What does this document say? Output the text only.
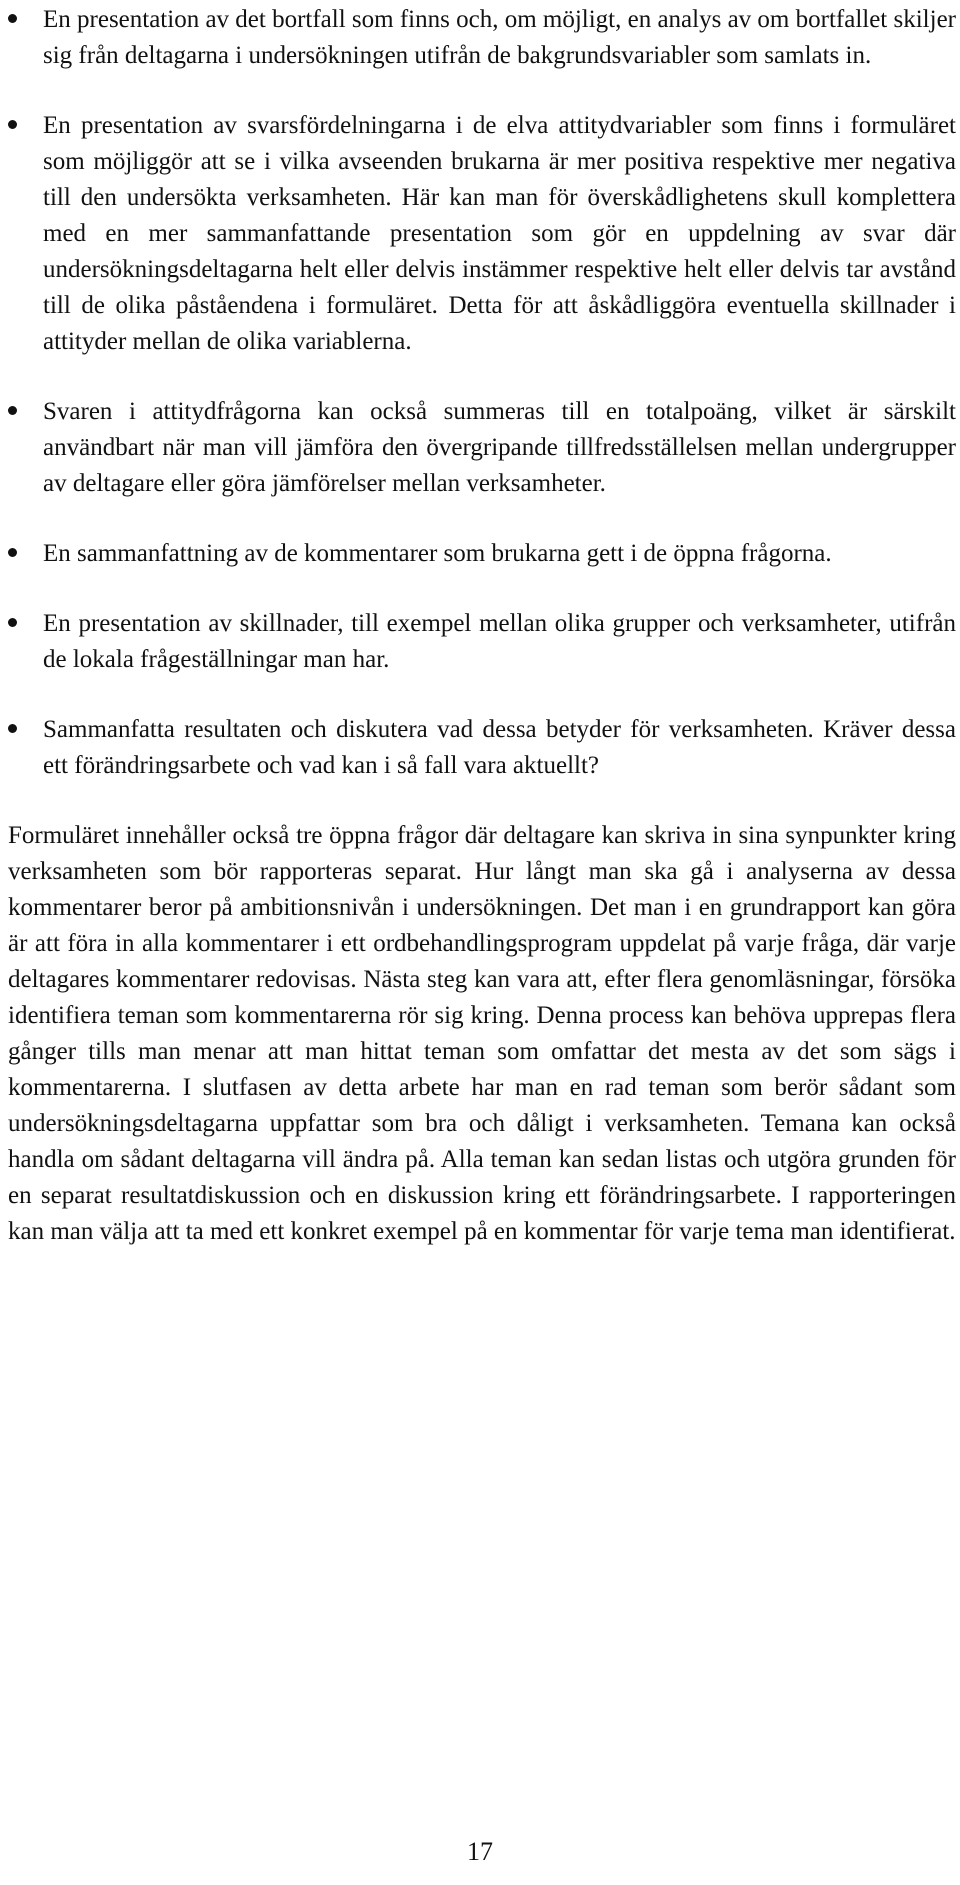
En presentation av det bortfall som finns och, om möjligt, en analys av om bortfallet skiljer sig från deltagarna i undersökningen utifrån de bakgrundsvariabler som samlats in.
En presentation av svarsfördelningarna i de elva attitydvariabler som finns i formuläret som möjliggör att se i vilka avseenden brukarna är mer positiva respektive mer negativa till den undersökta verksamheten. Här kan man för överskådlighetens skull komplettera med en mer sammanfattande presentation som gör en uppdelning av svar där undersökningsdeltagarna helt eller delvis instämmer respektive helt eller delvis tar avstånd till de olika påståendena i formuläret. Detta för att åskådliggöra eventuella skillnader i attityder mellan de olika variablerna.
Svaren i attitydfrågorna kan också summeras till en totalpoäng, vilket är särskilt användbart när man vill jämföra den övergripande tillfredsställelsen mellan undergrupper av deltagare eller göra jämförelser mellan verksamheter.
En sammanfattning av de kommentarer som brukarna gett i de öppna frågorna.
En presentation av skillnader, till exempel mellan olika grupper och verksamheter, utifrån de lokala frågeställningar man har.
Sammanfatta resultaten och diskutera vad dessa betyder för verksamheten. Kräver dessa ett förändringsarbete och vad kan i så fall vara aktuellt?

Formuläret innehåller också tre öppna frågor där deltagare kan skriva in sina synpunkter kring verksamheten som bör rapporteras separat. Hur långt man ska gå i analyserna av dessa kommentarer beror på ambitionsnivån i undersökningen. Det man i en grundrapport kan göra är att föra in alla kommentarer i ett ordbehandlingsprogram uppdelat på varje fråga, där varje deltagares kommentarer redovisas. Nästa steg kan vara att, efter flera genomläsningar, försöka identifiera teman som kommentarerna rör sig kring. Denna process kan behöva upprepas flera gånger tills man menar att man hittat teman som omfattar det mesta av det som sägs i kommentarerna. I slutfasen av detta arbete har man en rad teman som berör sådant som undersökningsdeltagarna uppfattar som bra och dåligt i verksamheten. Temana kan också handla om sådant deltagarna vill ändra på. Alla teman kan sedan listas och utgöra grunden för en separat resultatdiskussion och en diskussion kring ett förändringsarbete. I rapporteringen kan man välja att ta med ett konkret exempel på en kommentar för varje tema man identifierat.

17
